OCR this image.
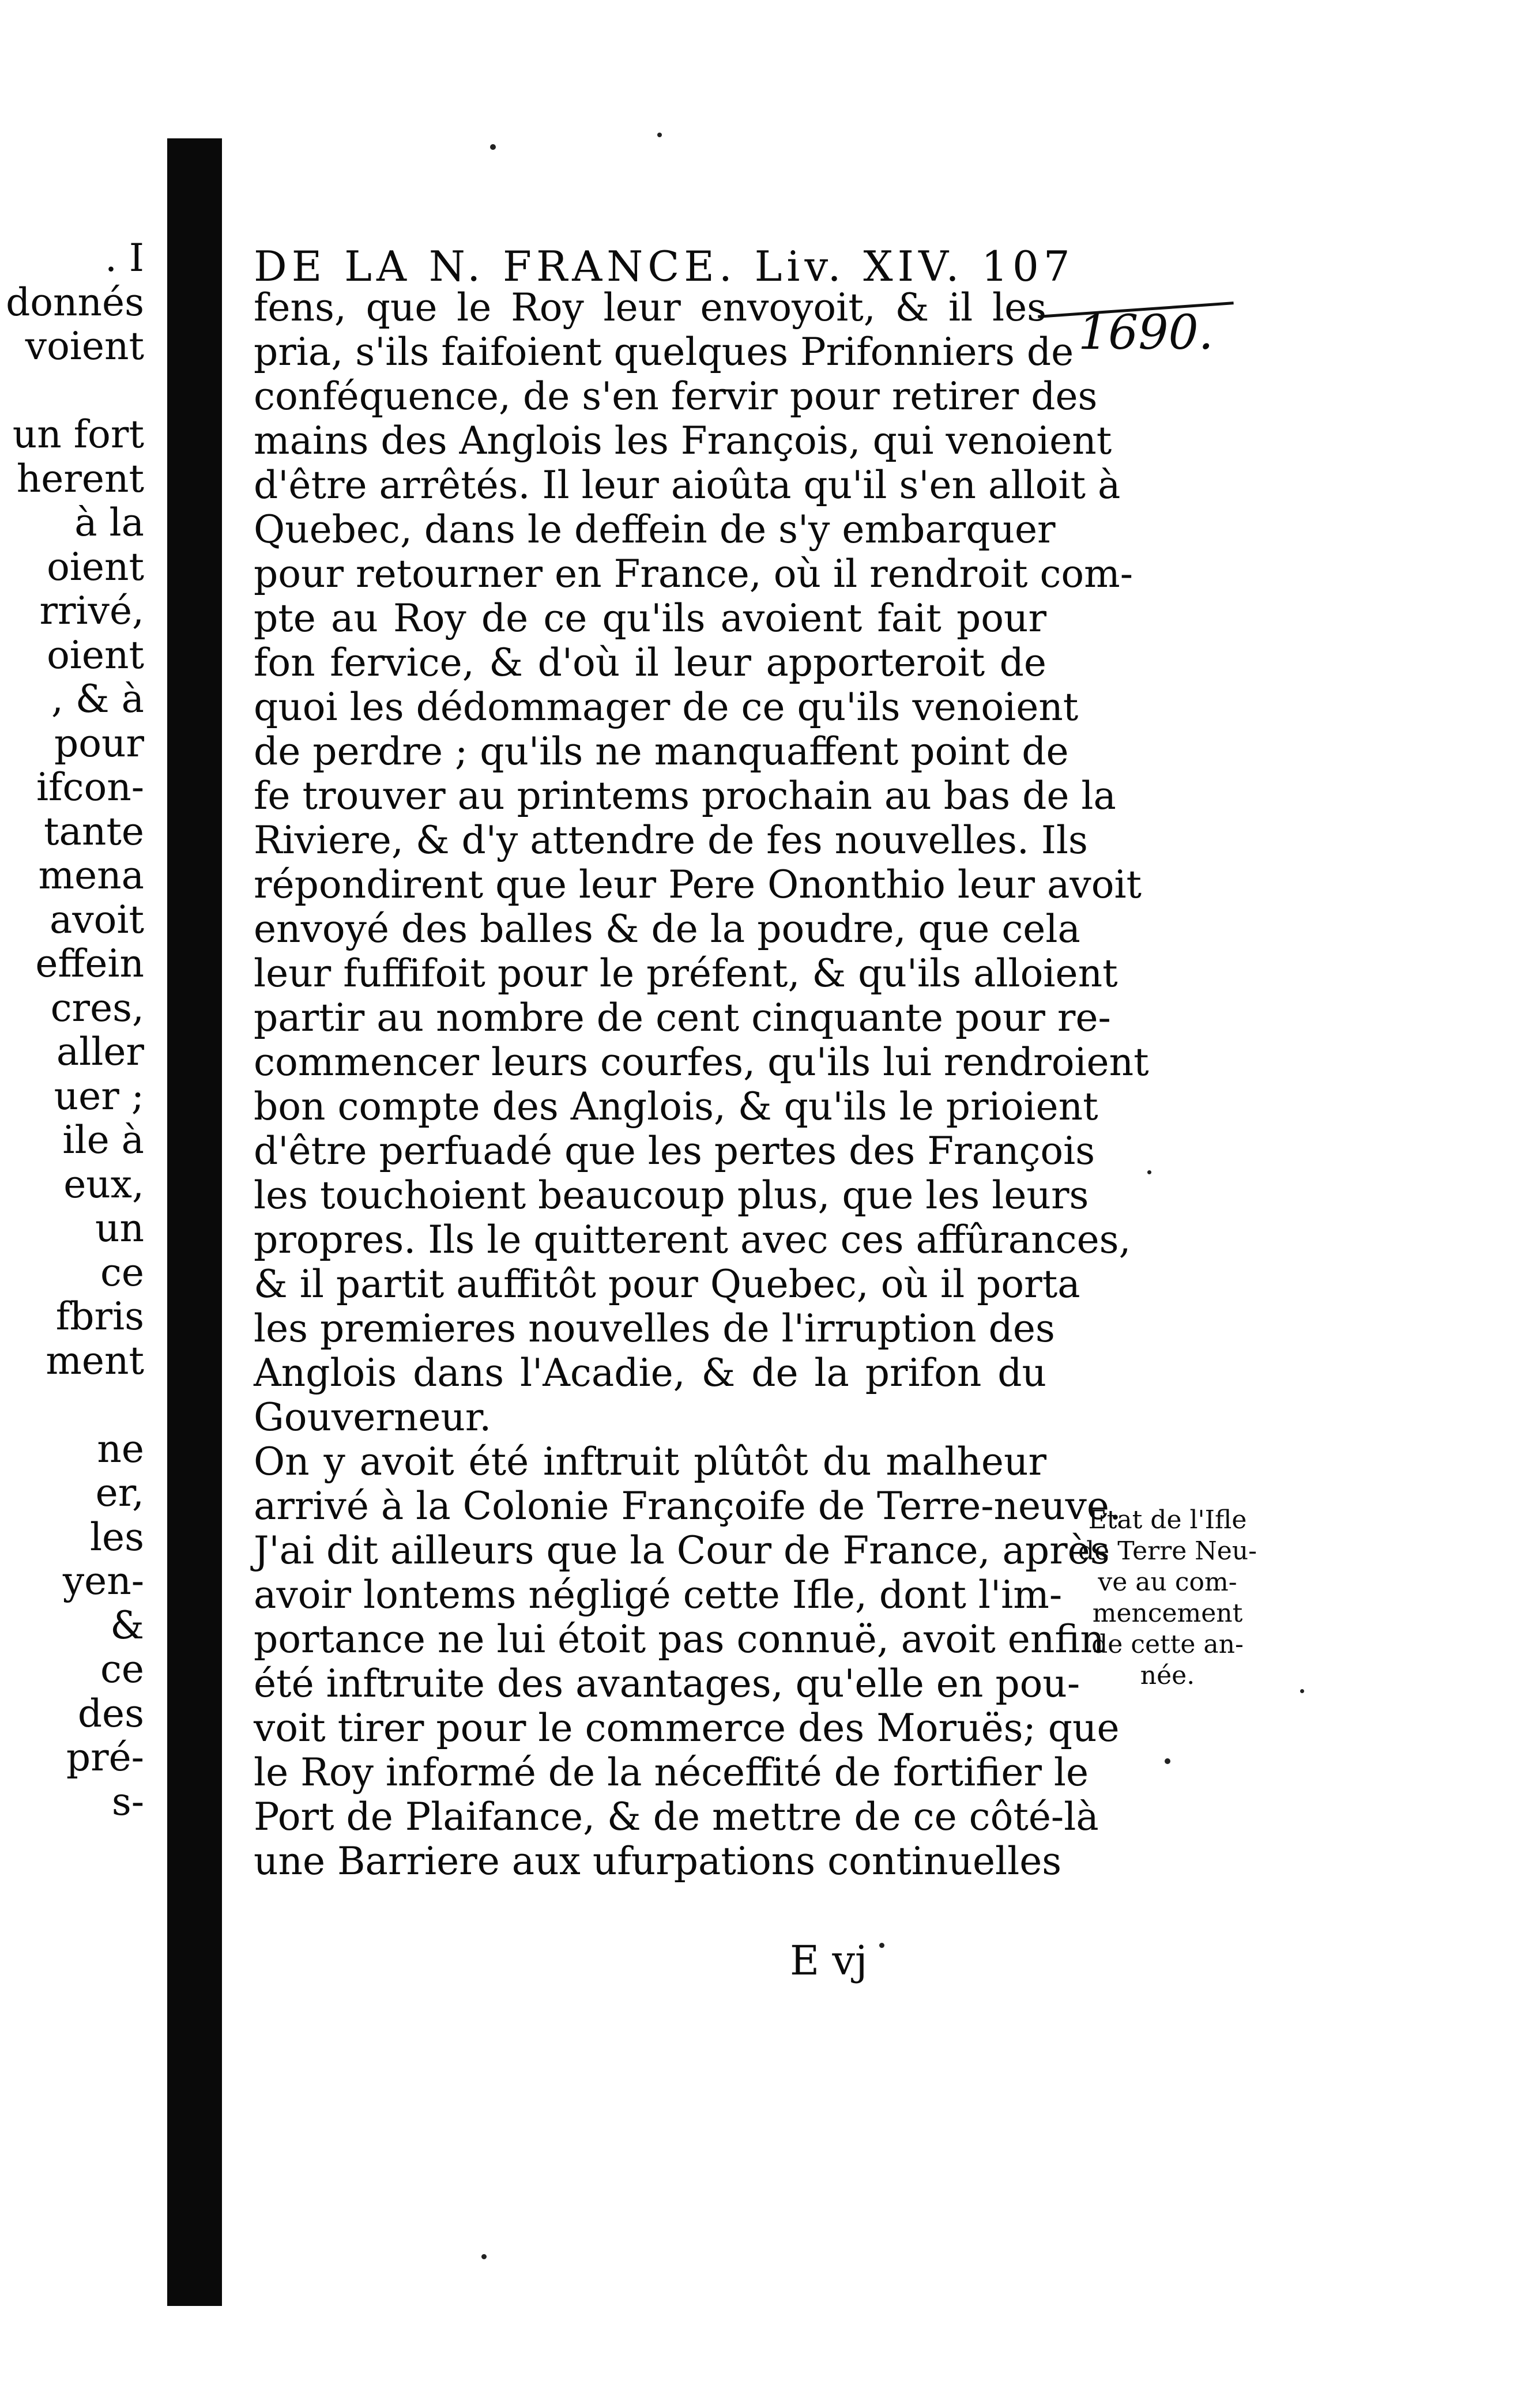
. I
donnés
voient
un fort
herent
à la
oient
rrivé,
oient
, & à
pour
ifcon-
tante
mena
avoit
effein
cres,
aller
uer ;
ile à
eux,
un
ce
fbris
ment
ne
er,
les
yen-
&
ce
des
pré-
s-
DE LA N. FRANCE. Liv. XIV. 107
1690.
fens, que le Roy leur envoyoit, & il les
pria, s'ils faifoient quelques Prifonniers de
conféquence, de s'en fervir pour retirer des
mains des Anglois les François, qui venoient
d'être arrêtés. Il leur aioûta qu'il s'en alloit à
Quebec, dans le deffein de s'y embarquer
pour retourner en France, où il rendroit com-
pte au Roy de ce qu'ils avoient fait pour
fon fervice, & d'où il leur apporteroit de
quoi les dédommager de ce qu'ils venoient
de perdre ; qu'ils ne manquaffent point de
fe trouver au printems prochain au bas de la
Riviere, & d'y attendre de fes nouvelles. Ils
répondirent que leur Pere Ononthio leur avoit
envoyé des balles & de la poudre, que cela
leur fuffifoit pour le préfent, & qu'ils alloient
partir au nombre de cent cinquante pour re-
commencer leurs courfes, qu'ils lui rendroient
bon compte des Anglois, & qu'ils le prioient
d'être perfuadé que les pertes des François
les touchoient beaucoup plus, que les leurs
propres. Ils le quitterent avec ces affûrances,
& il partit auffitôt pour Quebec, où il porta
les premieres nouvelles de l'irruption des
Anglois dans l'Acadie, & de la prifon du
Gouverneur.
On y avoit été inftruit plûtôt du malheur
arrivé à la Colonie Françoife de Terre-neuve.
J'ai dit ailleurs que la Cour de France, après
avoir lontems négligé cette Ifle, dont l'im-
portance ne lui étoit pas connuë, avoit enfin
été inftruite des avantages, qu'elle en pou-
voit tirer pour le commerce des Moruës; que
le Roy informé de la néceffité de fortifier le
Port de Plaifance, & de mettre de ce côté-là
une Barriere aux ufurpations continuelles
Etat de l'Ifle
de Terre Neu-
ve au com-
mencement
de cette an-
née.
E vj
